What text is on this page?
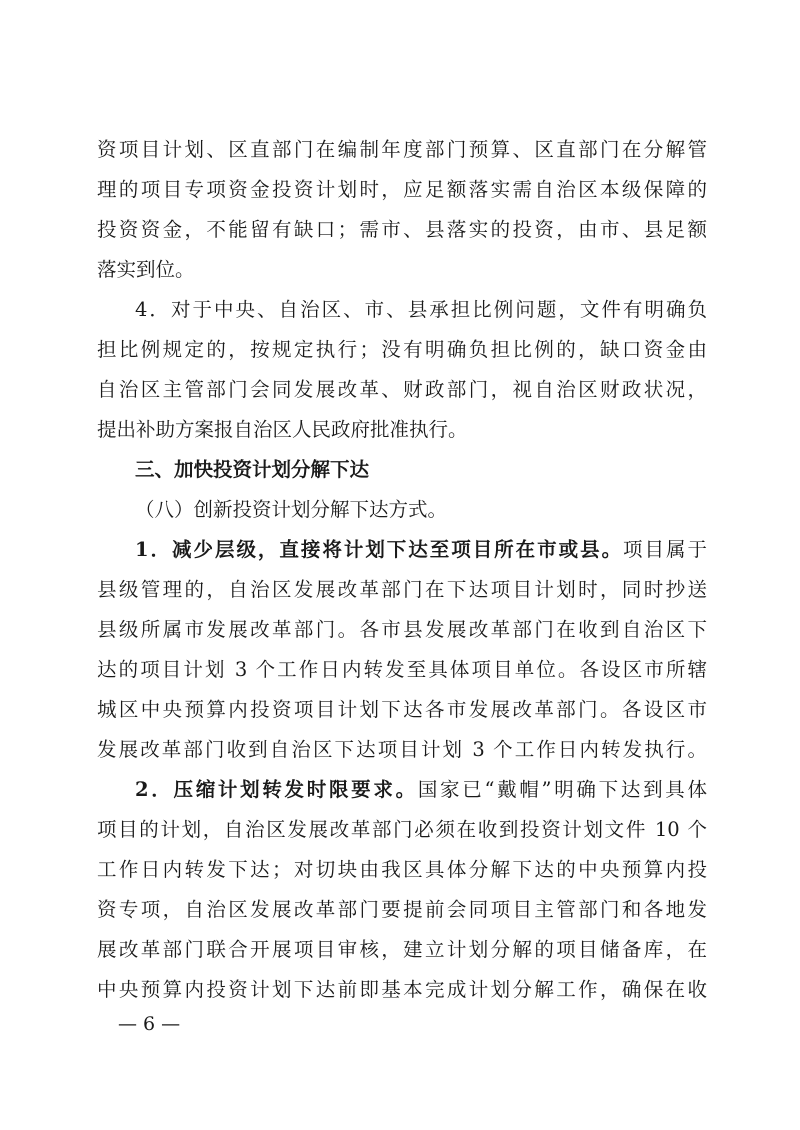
资项目计划、区直部门在编制年度部门预算、区直部门在分解管
理的项目专项资金投资计划时，应足额落实需自治区本级保障的
投资资金，不能留有缺口；需市、县落实的投资，由市、县足额
落实到位。
4．对于中央、自治区、市、县承担比例问题，文件有明确负
担比例规定的，按规定执行；没有明确负担比例的，缺口资金由
自治区主管部门会同发展改革、财政部门，视自治区财政状况，
提出补助方案报自治区人民政府批准执行。
三、加快投资计划分解下达
（八）创新投资计划分解下达方式。
1．减少层级，直接将计划下达至项目所在市或县。项目属于
县级管理的，自治区发展改革部门在下达项目计划时，同时抄送
县级所属市发展改革部门。各市县发展改革部门在收到自治区下
达的项目计划 3 个工作日内转发至具体项目单位。各设区市所辖
城区中央预算内投资项目计划下达各市发展改革部门。各设区市
发展改革部门收到自治区下达项目计划 3 个工作日内转发执行。
2．压缩计划转发时限要求。国家已“戴帽”明确下达到具体
项目的计划，自治区发展改革部门必须在收到投资计划文件 10 个
工作日内转发下达；对切块由我区具体分解下达的中央预算内投
资专项，自治区发展改革部门要提前会同项目主管部门和各地发
展改革部门联合开展项目审核，建立计划分解的项目储备库，在
中央预算内投资计划下达前即基本完成计划分解工作，确保在收
— 6 —
